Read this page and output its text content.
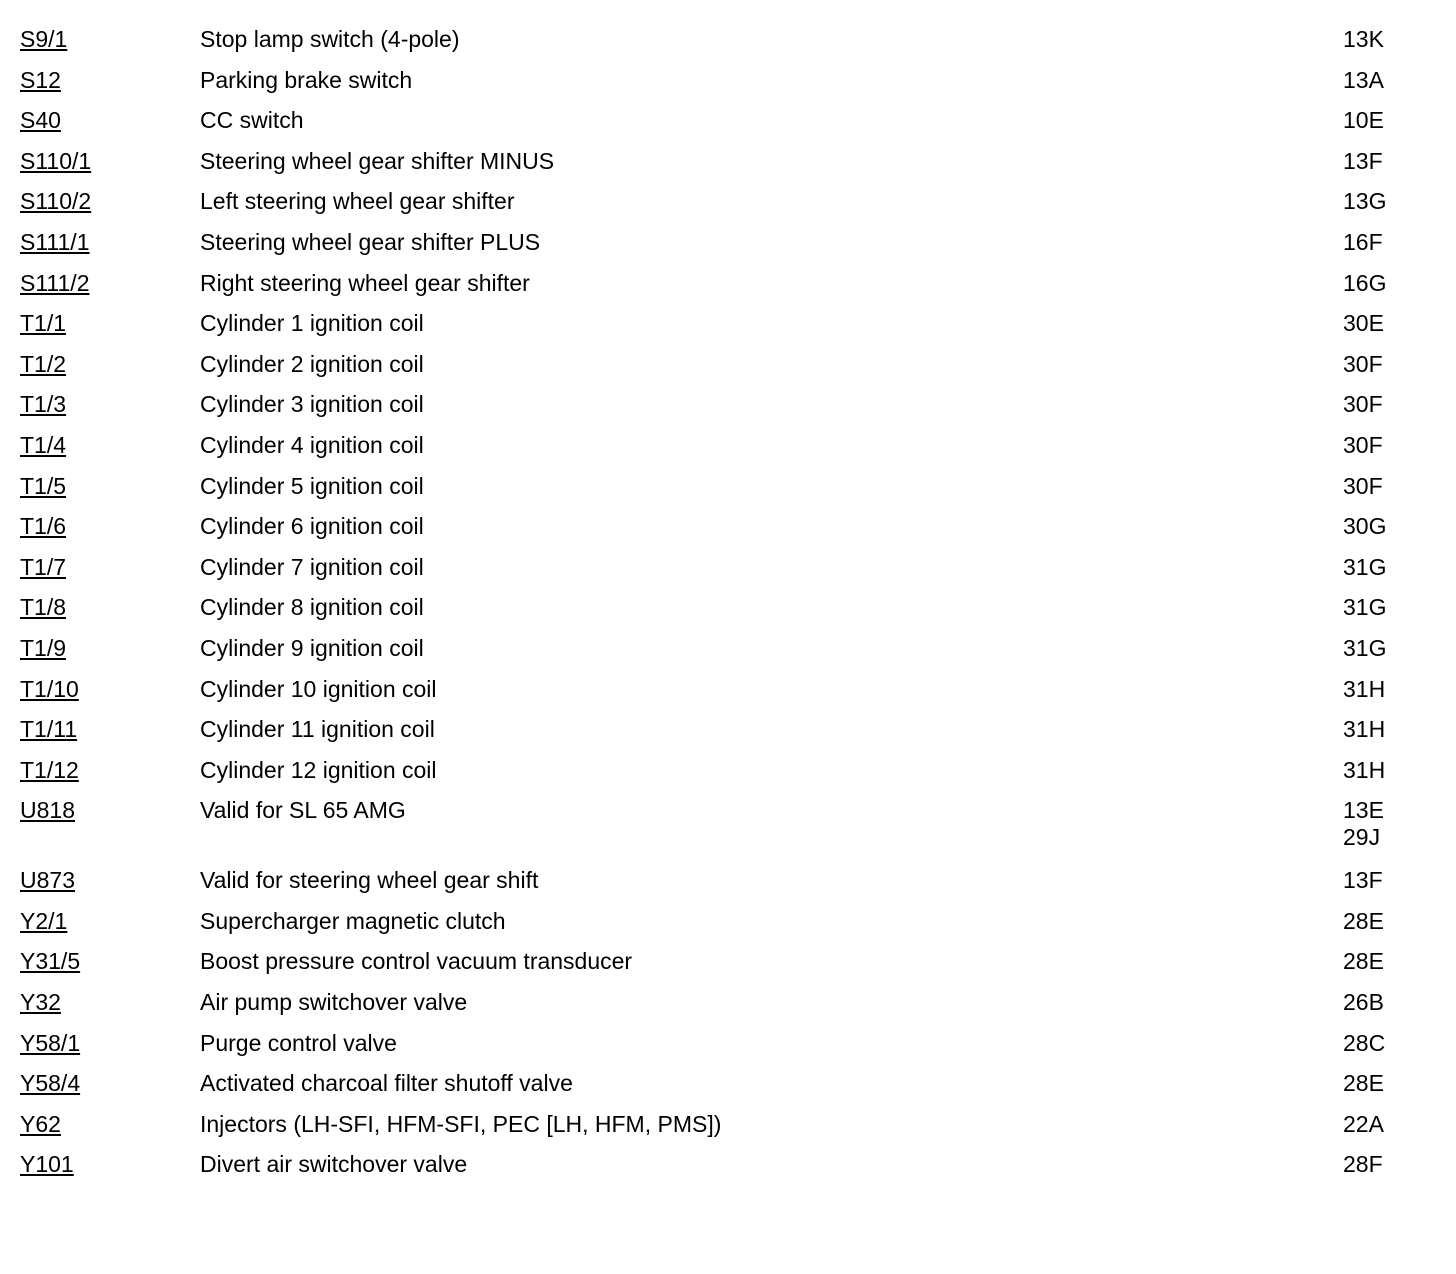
S9/1	Stop lamp switch (4-pole)	13K
S12	Parking brake switch	13A
S40	CC switch	10E
S110/1	Steering wheel gear shifter MINUS	13F
S110/2	Left steering wheel gear shifter	13G
S111/1	Steering wheel gear shifter PLUS	16F
S111/2	Right steering wheel gear shifter	16G
T1/1	Cylinder 1 ignition coil	30E
T1/2	Cylinder 2 ignition coil	30F
T1/3	Cylinder 3 ignition coil	30F
T1/4	Cylinder 4 ignition coil	30F
T1/5	Cylinder 5 ignition coil	30F
T1/6	Cylinder 6 ignition coil	30G
T1/7	Cylinder 7 ignition coil	31G
T1/8	Cylinder 8 ignition coil	31G
T1/9	Cylinder 9 ignition coil	31G
T1/10	Cylinder 10 ignition coil	31H
T1/11	Cylinder 11 ignition coil	31H
T1/12	Cylinder 12 ignition coil	31H
U818	Valid for SL 65 AMG	13E
29J
U873	Valid for steering wheel gear shift	13F
Y2/1	Supercharger magnetic clutch	28E
Y31/5	Boost pressure control vacuum transducer	28E
Y32	Air pump switchover valve	26B
Y58/1	Purge control valve	28C
Y58/4	Activated charcoal filter shutoff valve	28E
Y62	Injectors (LH-SFI, HFM-SFI, PEC [LH, HFM, PMS])	22A
Y101	Divert air switchover valve	28F
